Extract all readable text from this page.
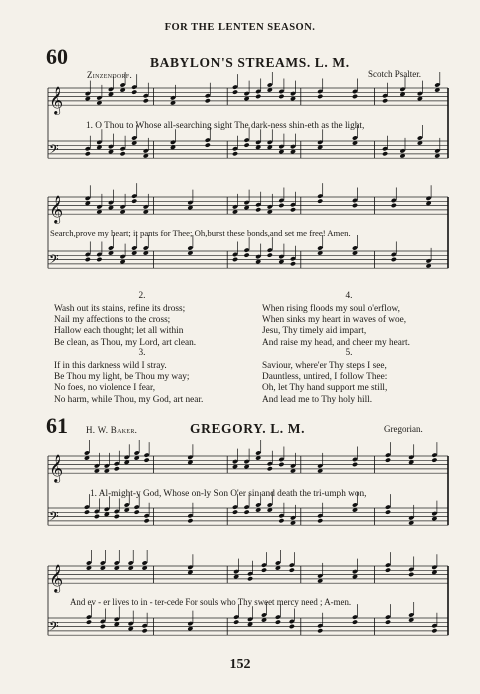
FOR THE LENTEN SEASON.
60	BABYLON'S STREAMS. L. M.
Zinzendorf.	Scotch Psalter.
1. O Thou to Whose all-searching sight The dark-ness shin-eth as the light,
Search,prove my heart; it pants for Thee; Oh,burst these bonds,and set me free! Amen.
2.
Wash out its stains, refine its dross;
Nail my affections to the cross;
Hallow each thought; let all within
Be clean, as Thou, my Lord, art clean.
3.
If in this darkness wild I stray.
Be Thou my light, be Thou my way;
No foes, no violence I fear,
No harm, while Thou, my God, art near.
4.
When rising floods my soul o'erflow,
When sinks my heart in waves of woe,
Jesu, Thy timely aid impart,
And raise my head, and cheer my heart.
5.
Saviour, where'er Thy steps I see,
Dauntless, untired, I follow Thee:
Oh, let Thy hand support me still,
And lead me to Thy holy hill.
61 H. W. Baker.	GREGORY. L. M.	Gregorian.
1. Al-might-y God, Whose on-ly Son O'er sin and death the tri-umph won,
And ev - er lives to in - ter-cede For souls who Thy sweet mercy need ; A-men.
152
𝄞
𝄢
𝄞
𝄢
𝄞
𝄢
𝄞
𝄢
